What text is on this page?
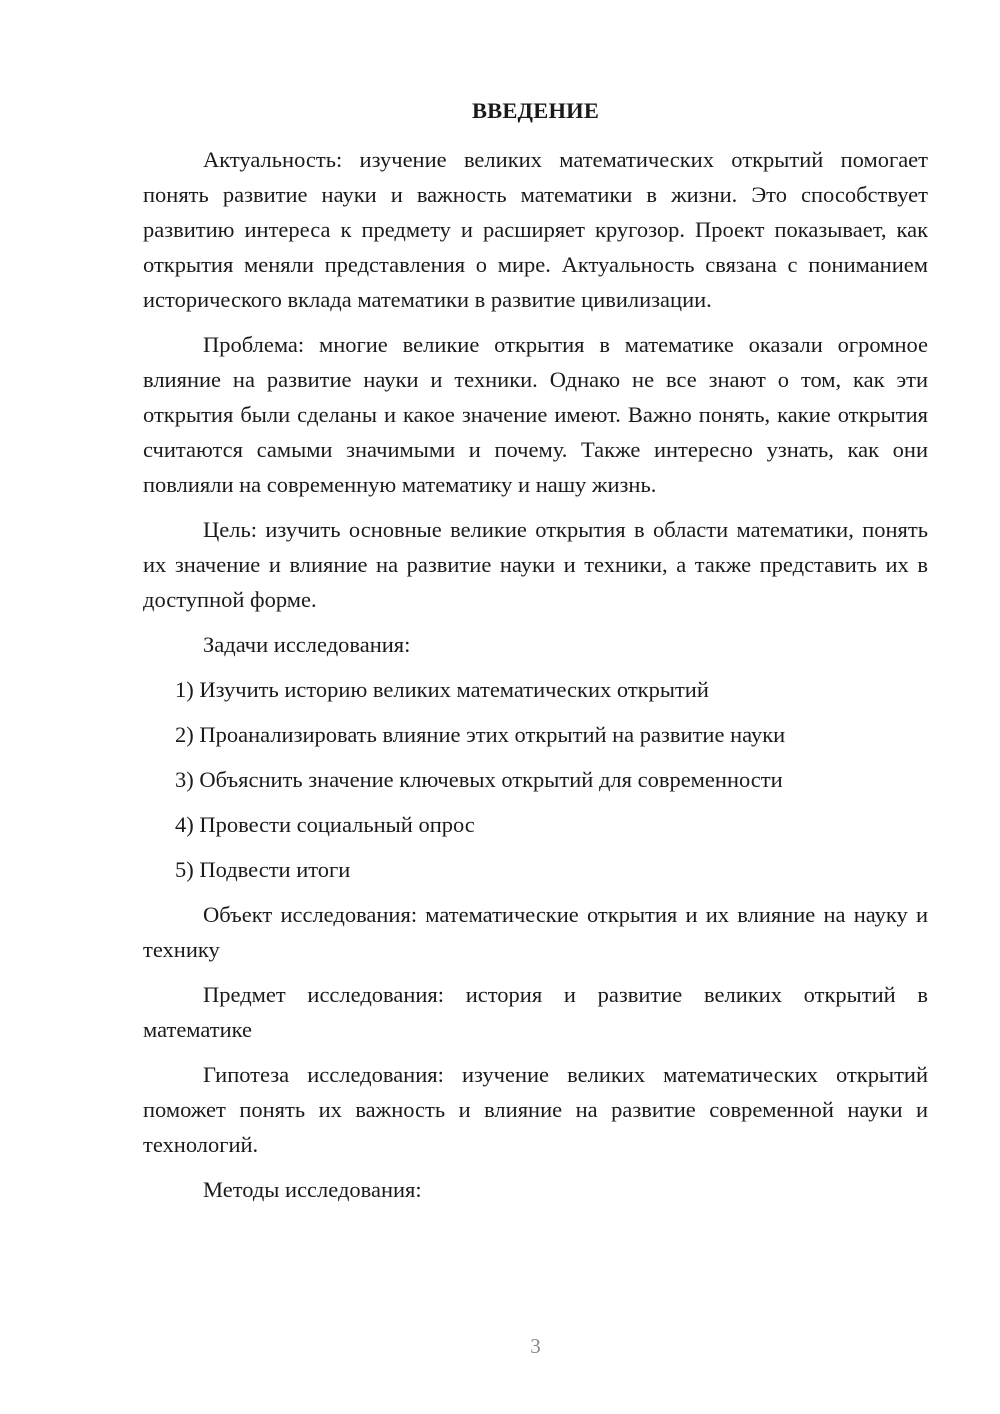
ВВЕДЕНИЕ

Актуальность: изучение великих математических открытий помогает понять развитие науки и важность математики в жизни. Это способствует развитию интереса к предмету и расширяет кругозор. Проект показывает, как открытия меняли представления о мире. Актуальность связана с пониманием исторического вклада математики в развитие цивилизации.

Проблема: многие великие открытия в математике оказали огромное влияние на развитие науки и техники. Однако не все знают о том, как эти открытия были сделаны и какое значение имеют. Важно понять, какие открытия считаются самыми значимыми и почему. Также интересно узнать, как они повлияли на современную математику и нашу жизнь.

Цель: изучить основные великие открытия в области математики, понять их значение и влияние на развитие науки и техники, а также представить их в доступной форме.

Задачи исследования:

1) Изучить историю великих математических открытий
2) Проанализировать влияние этих открытий на развитие науки
3) Объяснить значение ключевых открытий для современности
4) Провести социальный опрос
5) Подвести итоги

Объект исследования: математические открытия и их влияние на науку и технику

Предмет исследования: история и развитие великих открытий в математике

Гипотеза исследования: изучение великих математических открытий поможет понять их важность и влияние на развитие современной науки и технологий.

Методы исследования:

3
